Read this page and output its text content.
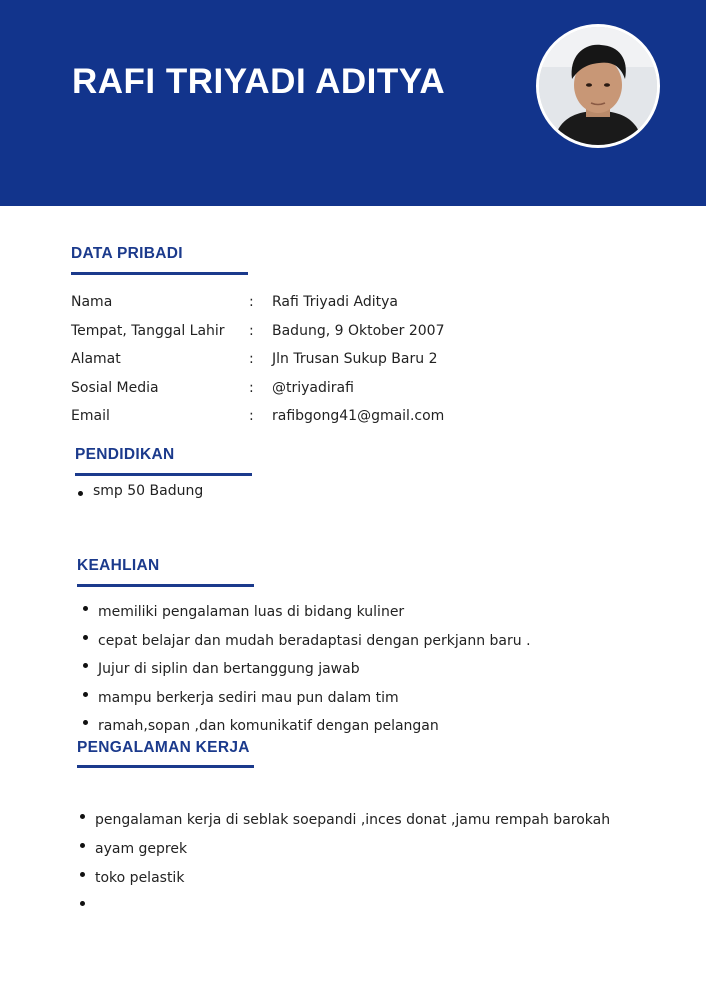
RAFI TRIYADI ADITYA
DATA PRIBADI
Nama	: Rafi Triyadi Aditya
Tempat, Tanggal Lahir : Badung, 9 Oktober 2007
Alamat	: Jln Trusan Sukup Baru 2
Sosial Media	: @triyadirafi
Email	: rafibgong41@gmail.com
PENDIDIKAN
smp 50 Badung
KEAHLIAN
memiliki pengalaman luas di bidang kuliner
cepat belajar dan mudah beradaptasi dengan perkjann baru .
Jujur di siplin dan bertanggung jawab
mampu berkerja sediri mau pun dalam tim
ramah,sopan ,dan komunikatif dengan pelangan
PENGALAMAN KERJA
pengalaman kerja di seblak soepandi ,inces donat ,jamu rempah barokah
ayam geprek
toko pelastik
